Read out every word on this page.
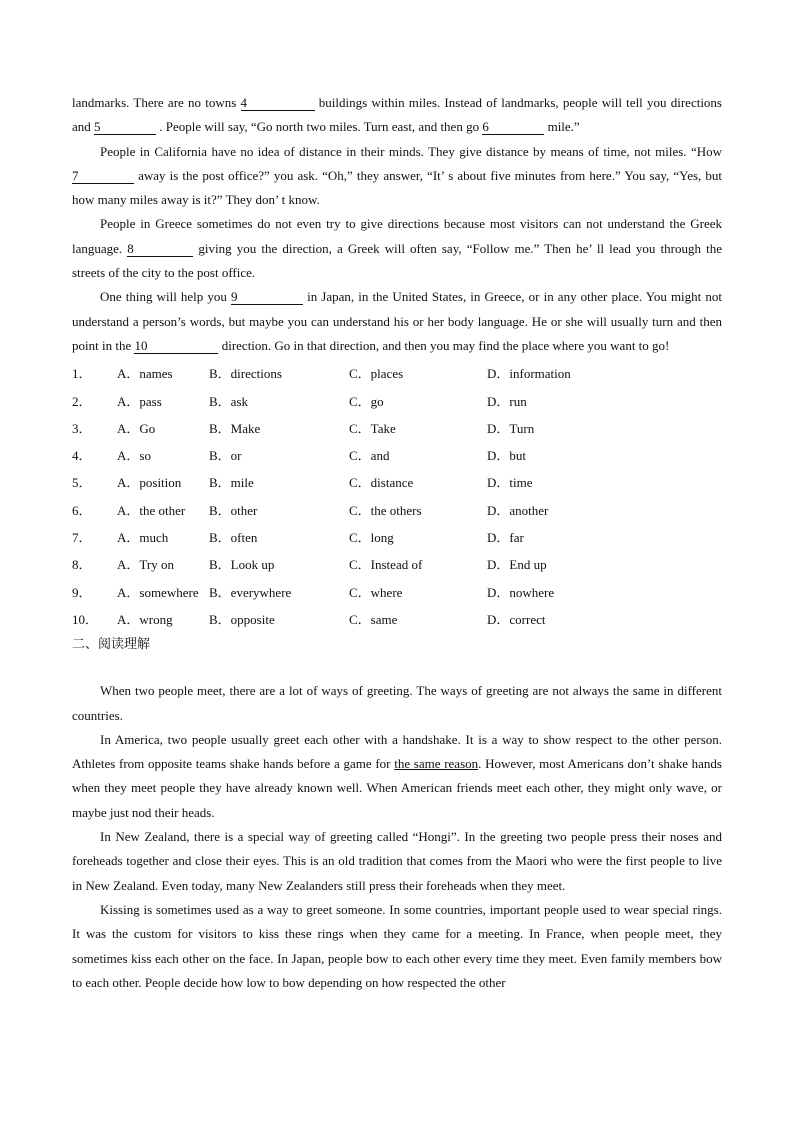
landmarks. There are no towns 4	buildings within miles. Instead of landmarks, people will tell you directions and 5	. People will say, “Go north two miles. Turn east, and then go 6	mile.”

People in California have no idea of distance in their minds. They give distance by means of time, not miles. “How 7	away is the post office?” you ask. “Oh,” they answer, “It’ s about five minutes from here.” You say, “Yes, but how many miles away is it?” They don’ t know.

People in Greece sometimes do not even try to give directions because most visitors can not understand the Greek language. 8	giving you the direction, a Greek will often say, “Follow me.” Then he’ ll lead you through the streets of the city to the post office.

One thing will help you 9	in Japan, in the United States, in Greece, or in any other place. You might not understand a person’s words, but maybe you can understand his or her body language. He or she will usually turn and then point in the 10	direction. Go in that direction, and then you may find the place where you want to go!

1． A．names	B．directions	C．places	D．information
2． A．pass	B．ask	C．go	D．run
3． A．Go	B．Make	C．Take	D．Turn
4． A．so	B．or	C．and	D．but
5． A．position B．mile	C．distance	D．time
6． A．the other B．other	C．the others	D．another
7． A．much	B．often	C．long	D．far
8． A．Try on	B．Look up	C．Instead of	D．End up
9． A．somewhere B．everywhere	C．where	D．nowhere
10． A．wrong	B．opposite	C．same	D．correct
二、阅读理解

When two people meet, there are a lot of ways of greeting. The ways of greeting are not always the same in different countries.

In America, two people usually greet each other with a handshake. It is a way to show respect to the other person. Athletes from opposite teams shake hands before a game for the same reason. However, most Americans don’t shake hands when they meet people they have already known well. When American friends meet each other, they might only wave, or maybe just nod their heads.

In New Zealand, there is a special way of greeting called “Hongi”. In the greeting two people press their noses and foreheads together and close their eyes. This is an old tradition that comes from the Maori who were the first people to live in New Zealand. Even today, many New Zealanders still press their foreheads when they meet.

Kissing is sometimes used as a way to greet someone. In some countries, important people used to wear special rings. It was the custom for visitors to kiss these rings when they came for a meeting. In France, when people meet, they sometimes kiss each other on the face. In Japan, people bow to each other every time they meet. Even family members bow to each other. People decide how low to bow depending on how respected the other
